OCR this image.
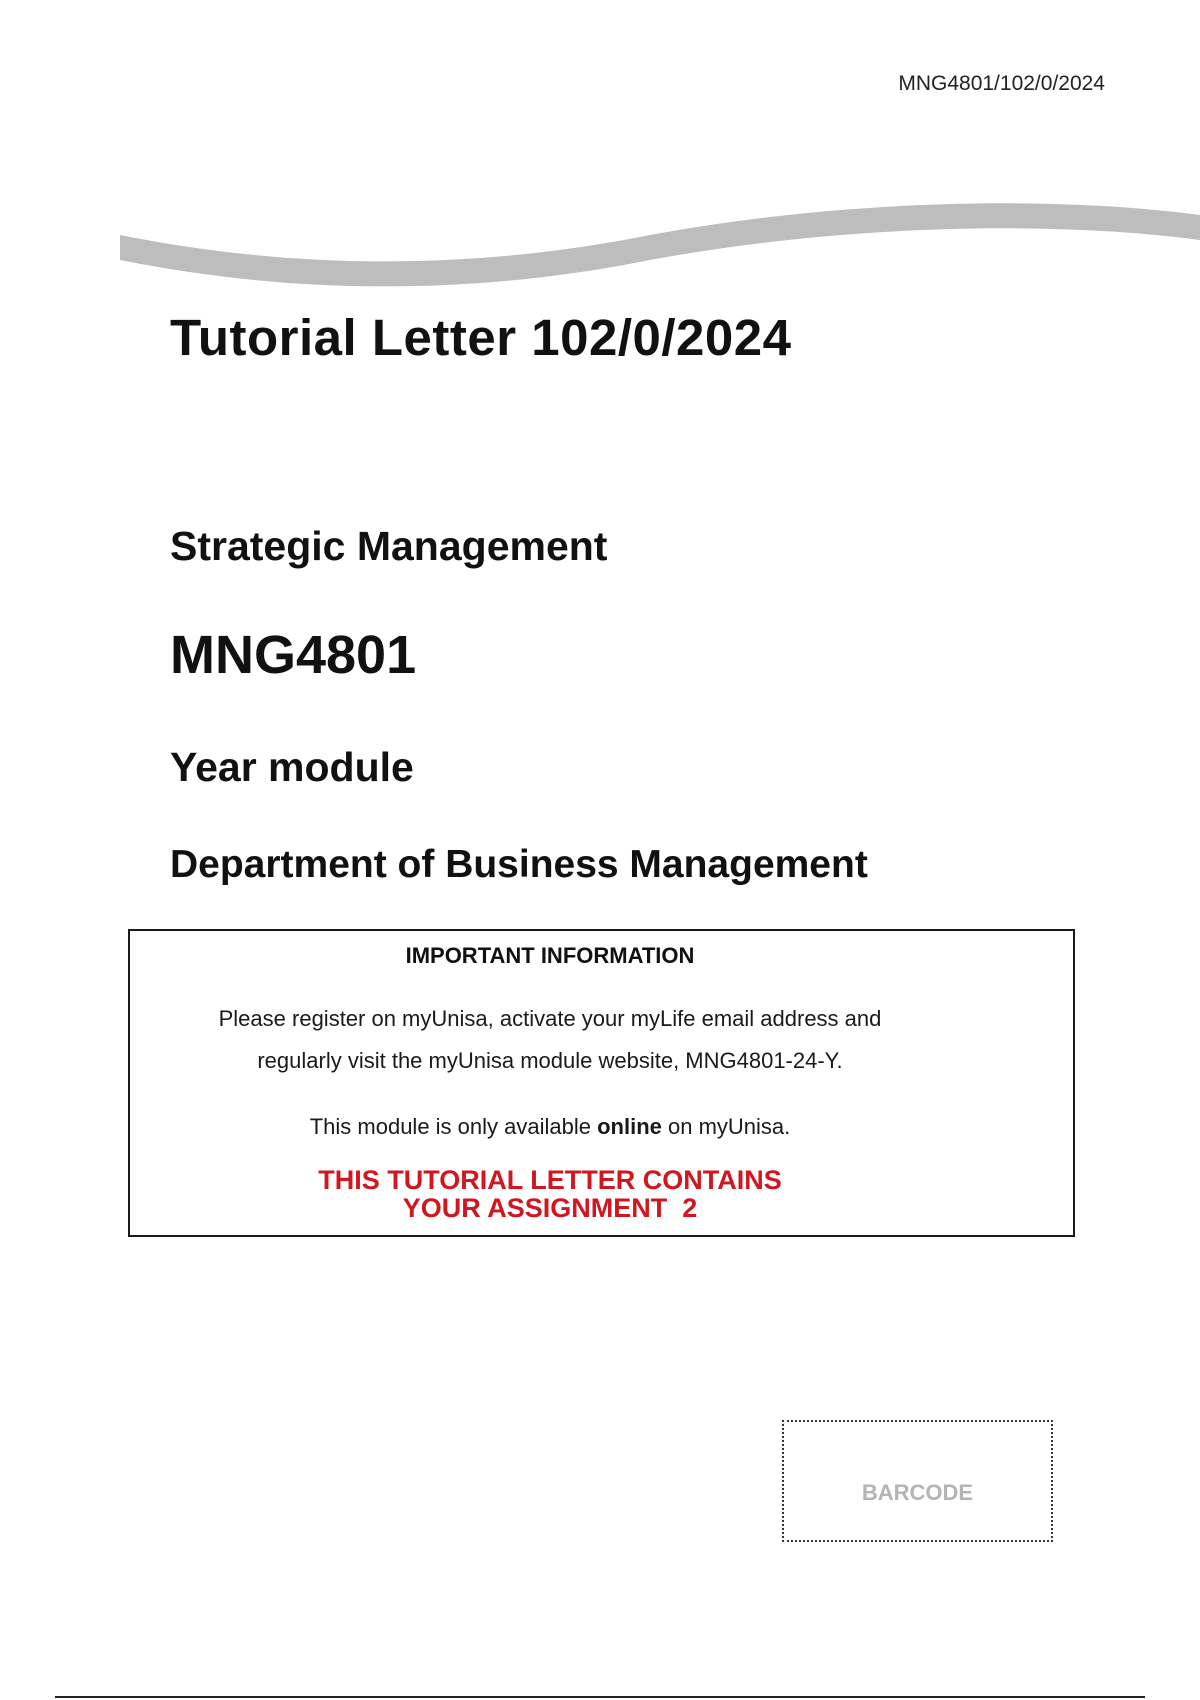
MNG4801/102/0/2024
Tutorial Letter 102/0/2024
Strategic Management
MNG4801
Year module
Department of Business Management
IMPORTANT INFORMATION
Please register on myUnisa, activate your myLife email address and
regularly visit the myUnisa module website, MNG4801-24-Y.
This module is only available online on myUnisa.
THIS TUTORIAL LETTER CONTAINS
YOUR ASSIGNMENT  2
BARCODE
